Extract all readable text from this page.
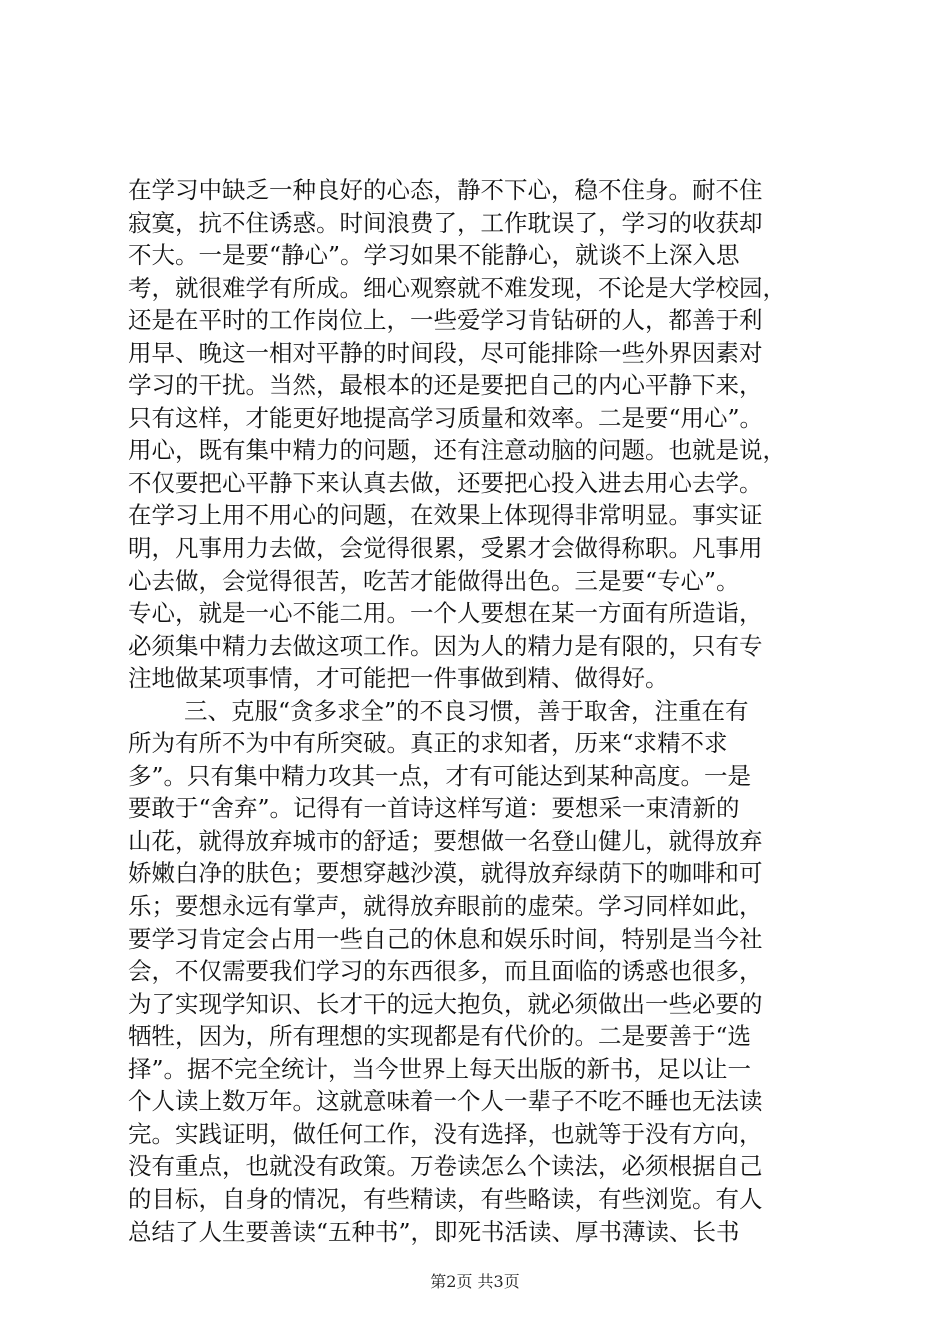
在学习中缺乏一种良好的心态，静不下心，稳不住身。耐不住
寂寞，抗不住诱惑。时间浪费了，工作耽误了，学习的收获却
不大。一是要“静心”。学习如果不能静心，就谈不上深入思
考，就很难学有所成。细心观察就不难发现，不论是大学校园，
还是在平时的工作岗位上，一些爱学习肯钻研的人，都善于利
用早、晚这一相对平静的时间段，尽可能排除一些外界因素对
学习的干扰。当然，最根本的还是要把自己的内心平静下来，
只有这样，才能更好地提高学习质量和效率。二是要“用心”。
用心，既有集中精力的问题，还有注意动脑的问题。也就是说，
不仅要把心平静下来认真去做，还要把心投入进去用心去学。
在学习上用不用心的问题，在效果上体现得非常明显。事实证
明，凡事用力去做，会觉得很累，受累才会做得称职。凡事用
心去做，会觉得很苦，吃苦才能做得出色。三是要“专心”。
专心，就是一心不能二用。一个人要想在某一方面有所造诣，
必须集中精力去做这项工作。因为人的精力是有限的，只有专
注地做某项事情，才可能把一件事做到精、做得好。
三、克服“贪多求全”的不良习惯，善于取舍，注重在有
所为有所不为中有所突破。真正的求知者，历来“求精不求
多”。只有集中精力攻其一点，才有可能达到某种高度。一是
要敢于“舍弃”。记得有一首诗这样写道：要想采一束清新的
山花，就得放弃城市的舒适；要想做一名登山健儿，就得放弃
娇嫩白净的肤色；要想穿越沙漠，就得放弃绿荫下的咖啡和可
乐；要想永远有掌声，就得放弃眼前的虚荣。学习同样如此，
要学习肯定会占用一些自己的休息和娱乐时间，特别是当今社
会，不仅需要我们学习的东西很多，而且面临的诱惑也很多，
为了实现学知识、长才干的远大抱负，就必须做出一些必要的
牺牲，因为，所有理想的实现都是有代价的。二是要善于“选
择”。据不完全统计，当今世界上每天出版的新书，足以让一
个人读上数万年。这就意味着一个人一辈子不吃不睡也无法读
完。实践证明，做任何工作，没有选择，也就等于没有方向，
没有重点，也就没有政策。万卷读怎么个读法，必须根据自己
的目标，自身的情况，有些精读，有些略读，有些浏览。有人
总结了人生要善读“五种书”，即死书活读、厚书薄读、长书
第2页 共3页
